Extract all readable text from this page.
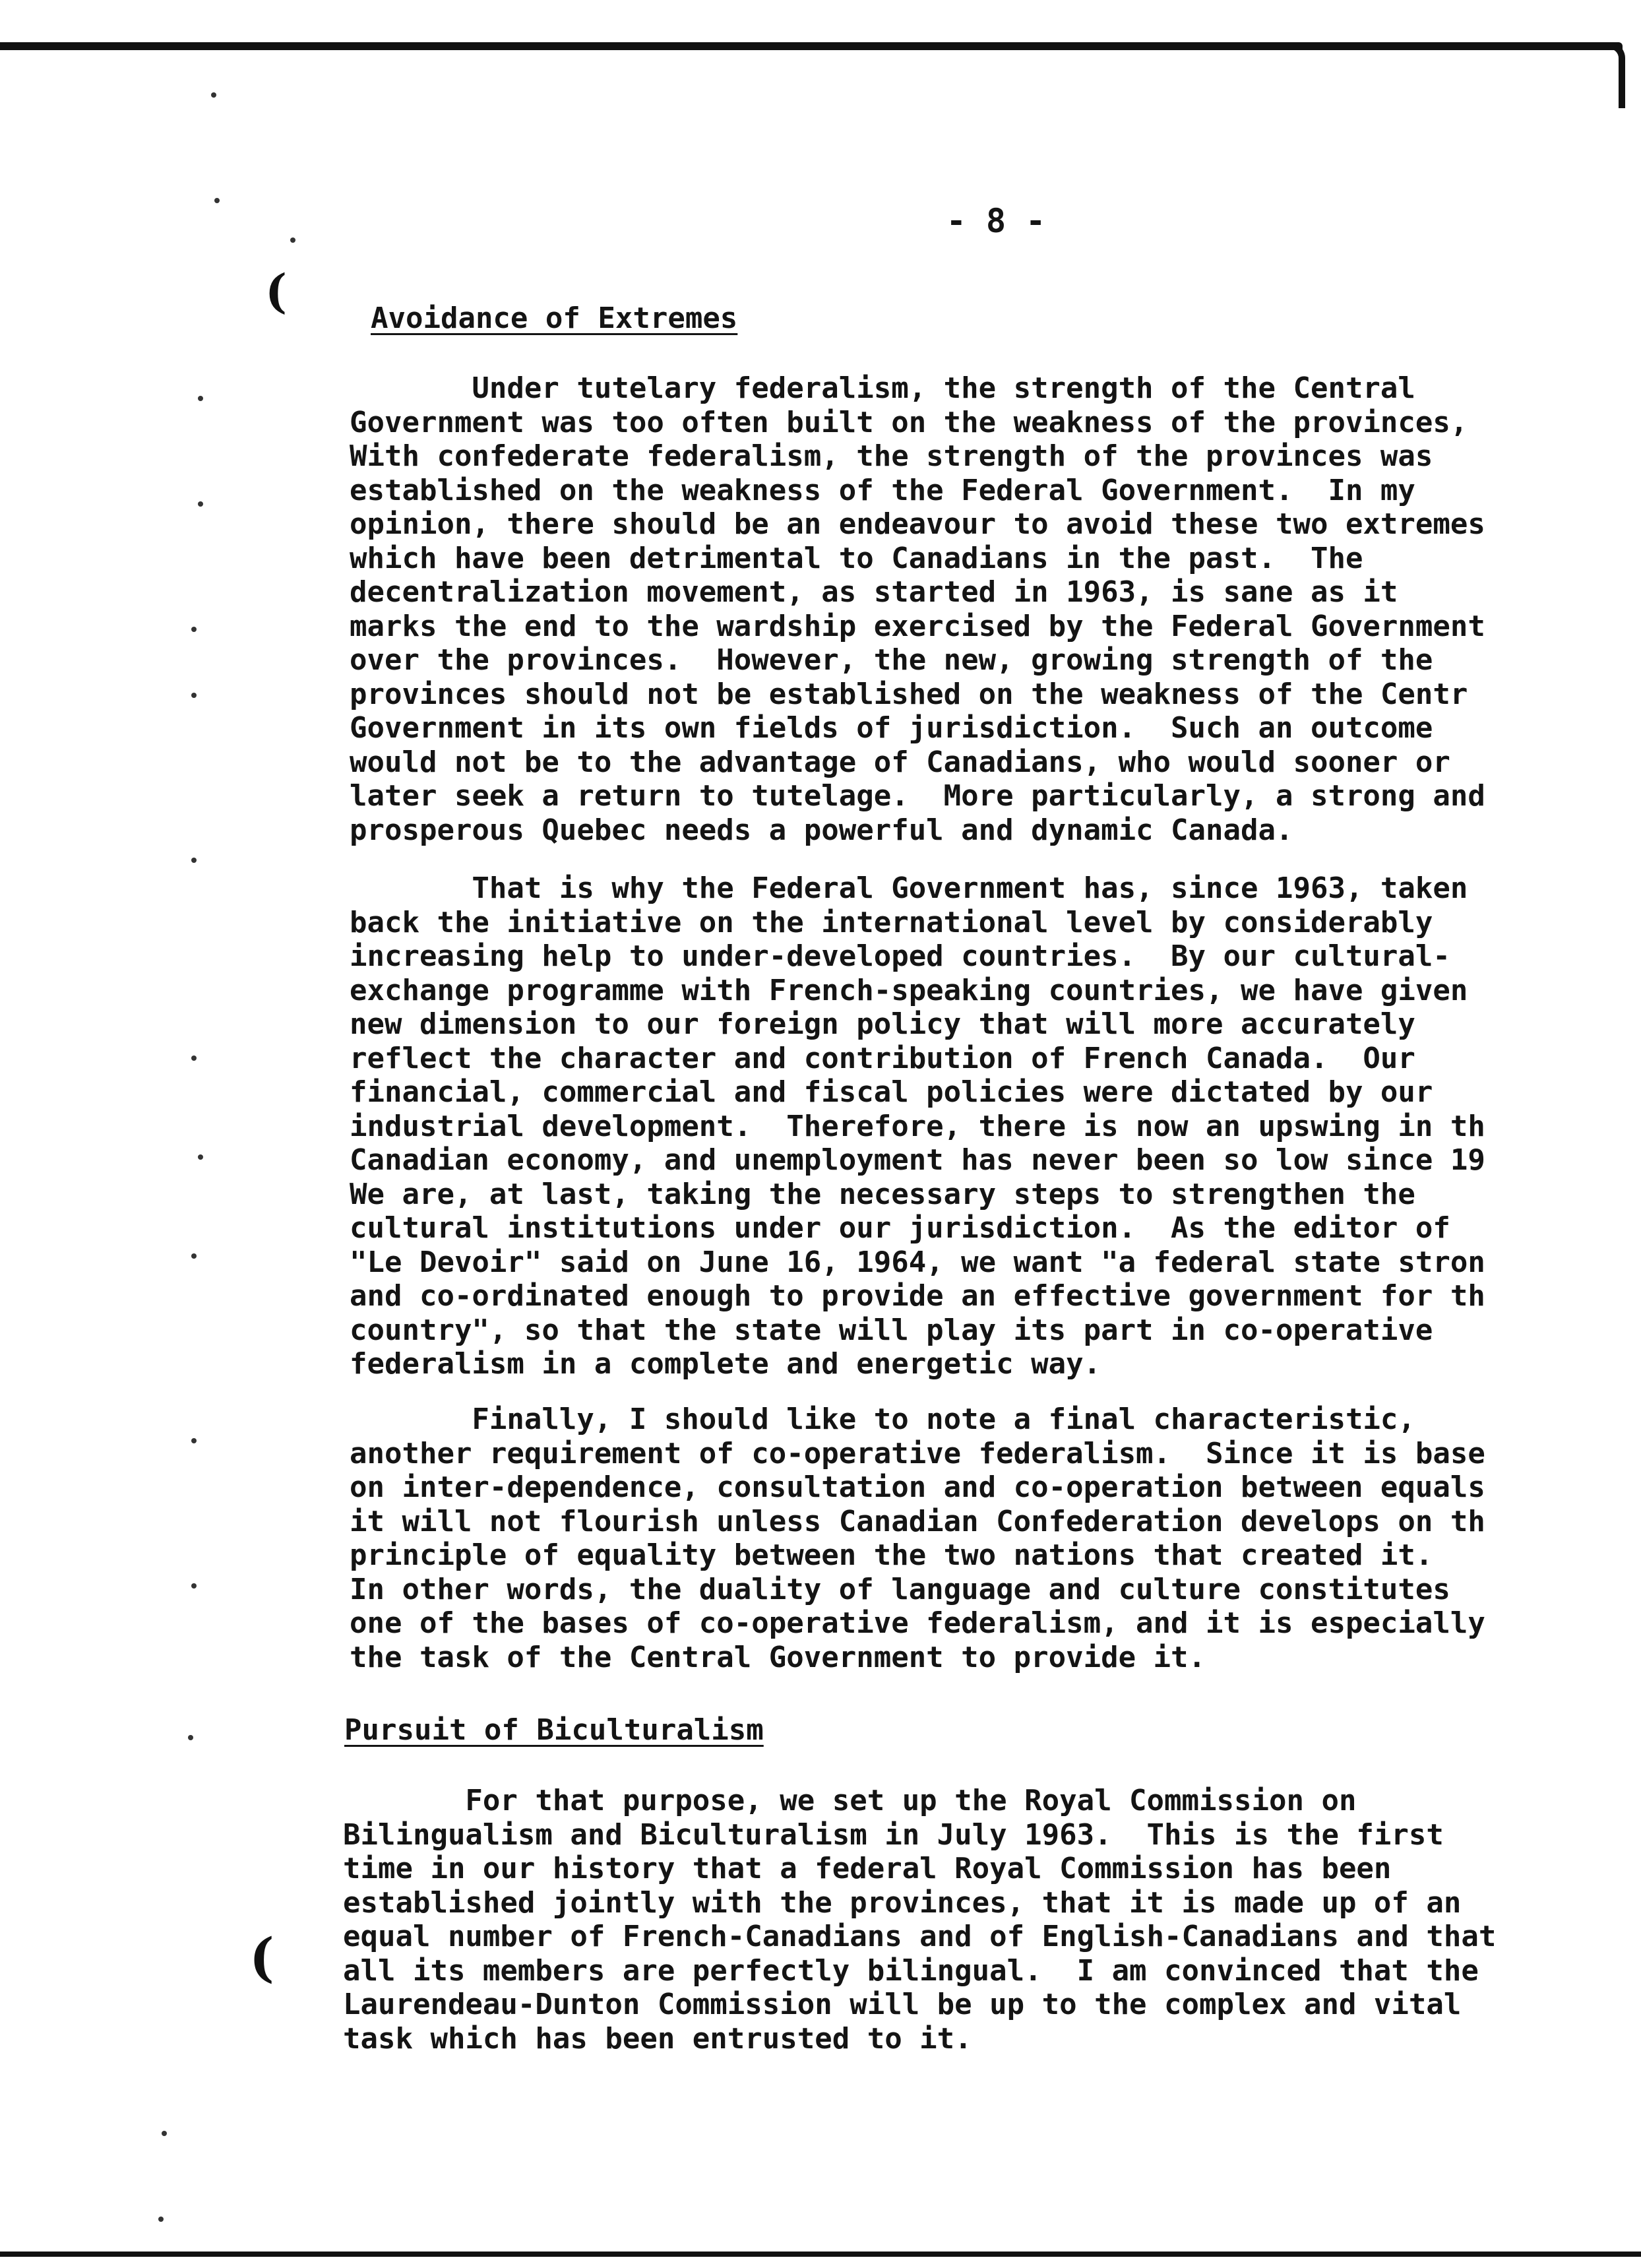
(
(
- 8 -
Avoidance of Extremes
Under tutelary federalism, the strength of the Central
Government was too often built on the weakness of the provinces,
With confederate federalism, the strength of the provinces was
established on the weakness of the Federal Government.  In my
opinion, there should be an endeavour to avoid these two extremes
which have been detrimental to Canadians in the past.  The
decentralization movement, as started in 1963, is sane as it
marks the end to the wardship exercised by the Federal Government
over the provinces.  However, the new, growing strength of the
provinces should not be established on the weakness of the Centr
Government in its own fields of jurisdiction.  Such an outcome
would not be to the advantage of Canadians, who would sooner or
later seek a return to tutelage.  More particularly, a strong and
prosperous Quebec needs a powerful and dynamic Canada.
That is why the Federal Government has, since 1963, taken
back the initiative on the international level by considerably
increasing help to under-developed countries.  By our cultural-
exchange programme with French-speaking countries, we have given
new dimension to our foreign policy that will more accurately
reflect the character and contribution of French Canada.  Our
financial, commercial and fiscal policies were dictated by our
industrial development.  Therefore, there is now an upswing in th
Canadian economy, and unemployment has never been so low since 19
We are, at last, taking the necessary steps to strengthen the
cultural institutions under our jurisdiction.  As the editor of
"Le Devoir" said on June 16, 1964, we want "a federal state stron
and co-ordinated enough to provide an effective government for th
country", so that the state will play its part in co-operative
federalism in a complete and energetic way.
Finally, I should like to note a final characteristic,
another requirement of co-operative federalism.  Since it is base
on inter-dependence, consultation and co-operation between equals
it will not flourish unless Canadian Confederation develops on th
principle of equality between the two nations that created it.
In other words, the duality of language and culture constitutes
one of the bases of co-operative federalism, and it is especially
the task of the Central Government to provide it.
Pursuit of Biculturalism
For that purpose, we set up the Royal Commission on
Bilingualism and Biculturalism in July 1963.  This is the first
time in our history that a federal Royal Commission has been
established jointly with the provinces, that it is made up of an
equal number of French-Canadians and of English-Canadians and that
all its members are perfectly bilingual.  I am convinced that the
Laurendeau-Dunton Commission will be up to the complex and vital
task which has been entrusted to it.
